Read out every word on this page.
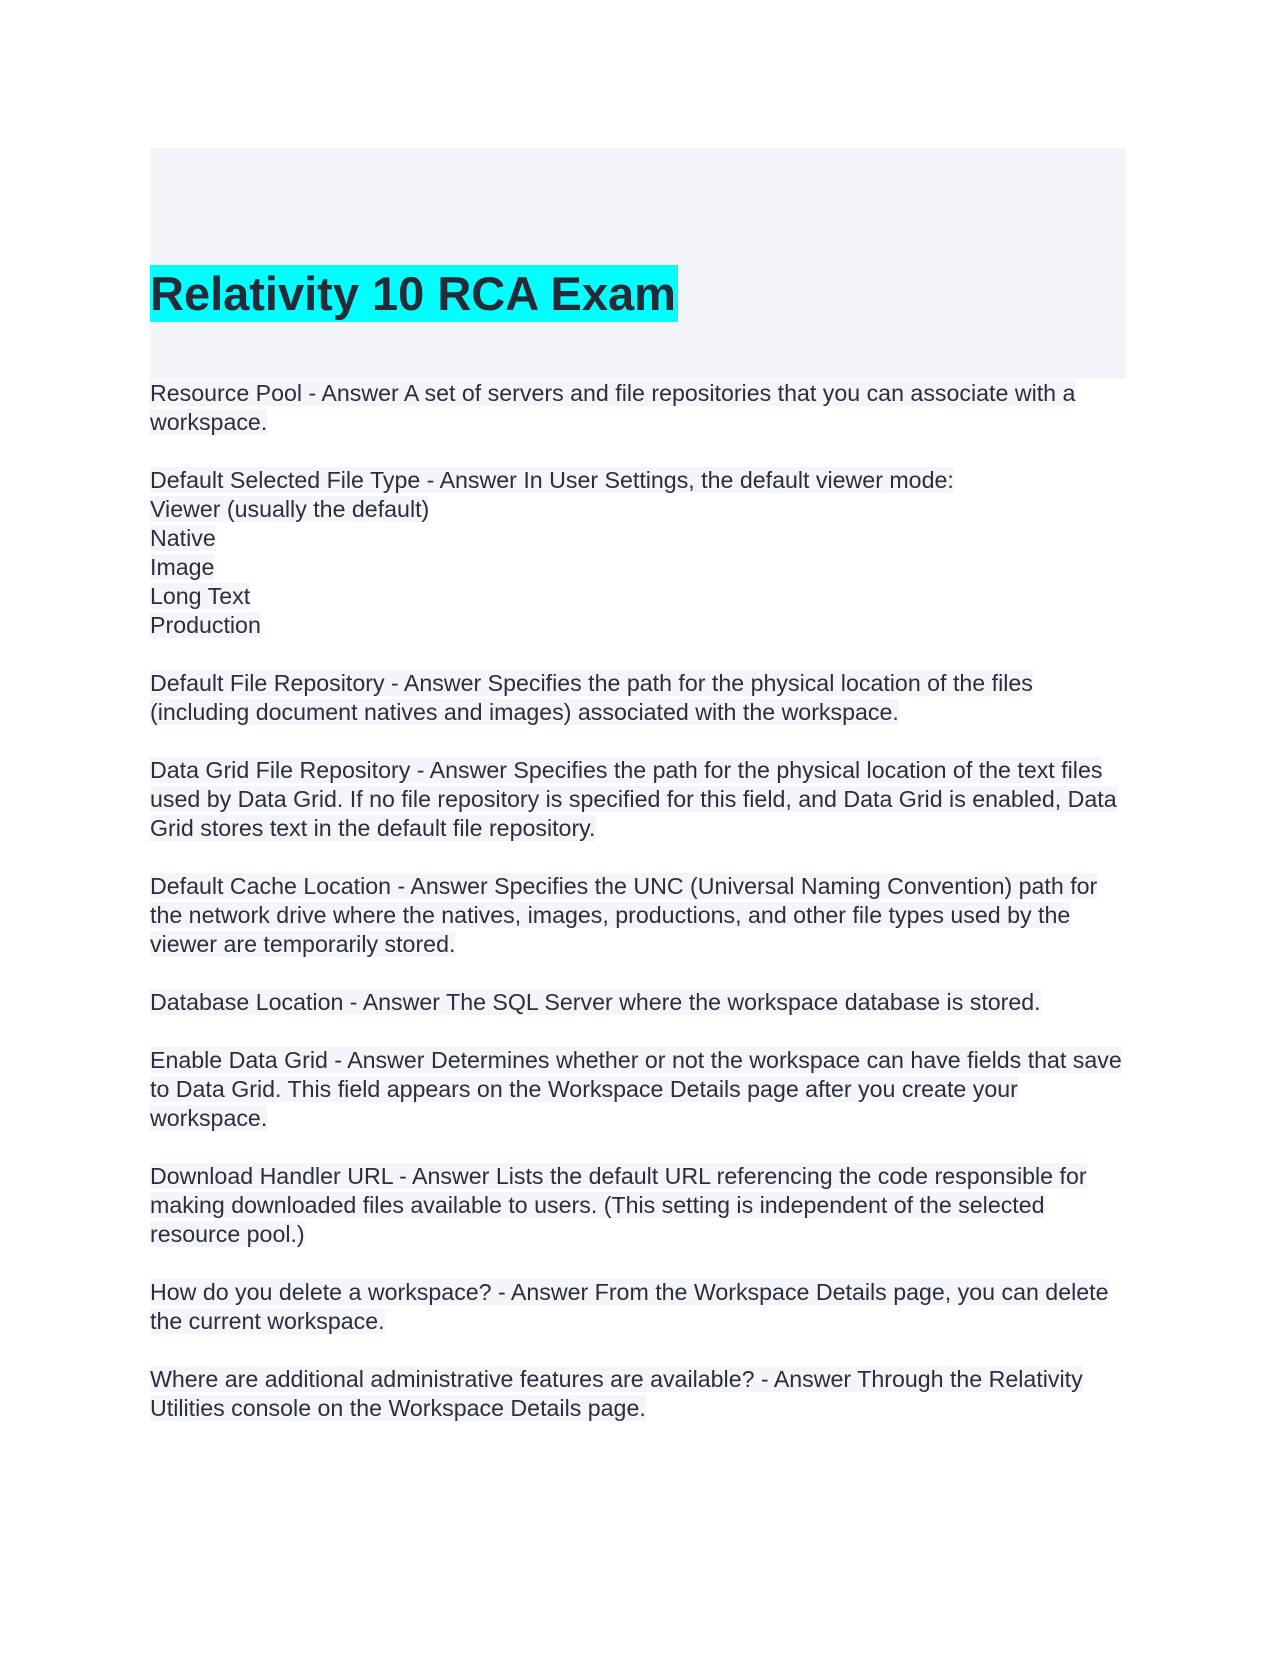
Relativity 10 RCA Exam
Resource Pool - Answer A set of servers and file repositories that you can associate with a workspace.
Default Selected File Type - Answer In User Settings, the default viewer mode:
Viewer (usually the default)
Native
Image
Long Text
Production
Default File Repository - Answer Specifies the path for the physical location of the files (including document natives and images) associated with the workspace.
Data Grid File Repository - Answer Specifies the path for the physical location of the text files used by Data Grid. If no file repository is specified for this field, and Data Grid is enabled, Data Grid stores text in the default file repository.
Default Cache Location - Answer Specifies the UNC (Universal Naming Convention) path for the network drive where the natives, images, productions, and other file types used by the viewer are temporarily stored.
Database Location - Answer The SQL Server where the workspace database is stored.
Enable Data Grid - Answer Determines whether or not the workspace can have fields that save to Data Grid. This field appears on the Workspace Details page after you create your workspace.
Download Handler URL - Answer Lists the default URL referencing the code responsible for making downloaded files available to users. (This setting is independent of the selected resource pool.)
How do you delete a workspace? - Answer From the Workspace Details page, you can delete the current workspace.
Where are additional administrative features are available? - Answer Through the Relativity Utilities console on the Workspace Details page.
